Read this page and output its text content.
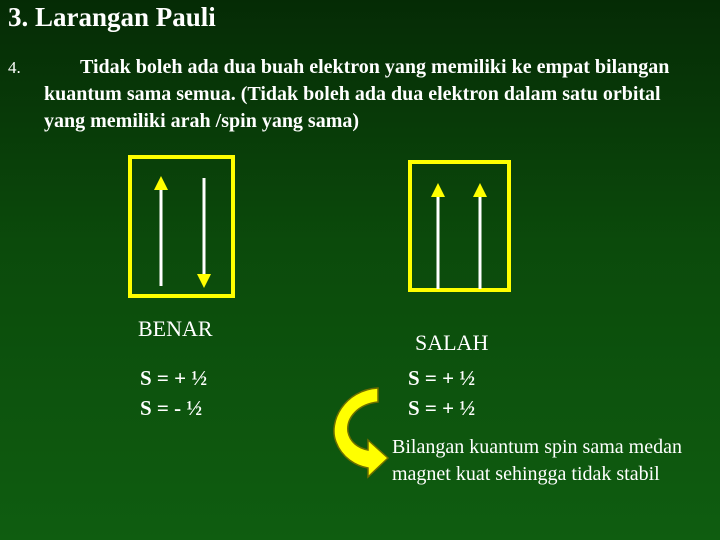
3. Larangan Pauli
4.	Tidak boleh ada dua buah elektron yang memiliki ke empat bilangan kuantum sama semua. (Tidak boleh ada dua elektron dalam satu orbital yang memiliki arah /spin yang sama)
BENAR
SALAH
S = + ½
S = - ½
S = + ½
S = + ½
Bilangan kuantum spin sama medan magnet kuat sehingga tidak stabil
